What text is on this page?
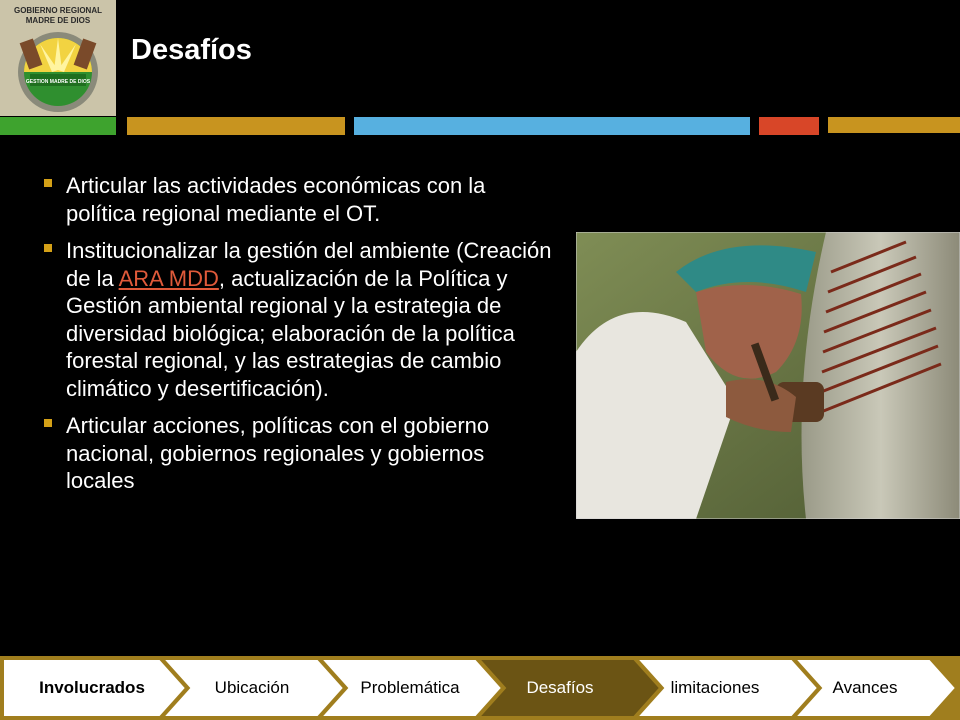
GOBIERNO REGIONAL
MADRE DE DIOS
GESTION MADRE DE DIOS
Desafíos
Articular las actividades económicas con la política regional mediante el OT.
Institucionalizar la gestión del ambiente (Creación de la ARA MDD, actualización de la Política y Gestión ambiental regional y la estrategia de diversidad biológica; elaboración de la política forestal regional, y las estrategias de cambio climático y desertificación).
Articular acciones, políticas con el gobierno nacional, gobiernos regionales y gobiernos locales
Involucrados	Ubicación	Problemática	Desafíos	limitaciones	Avances
